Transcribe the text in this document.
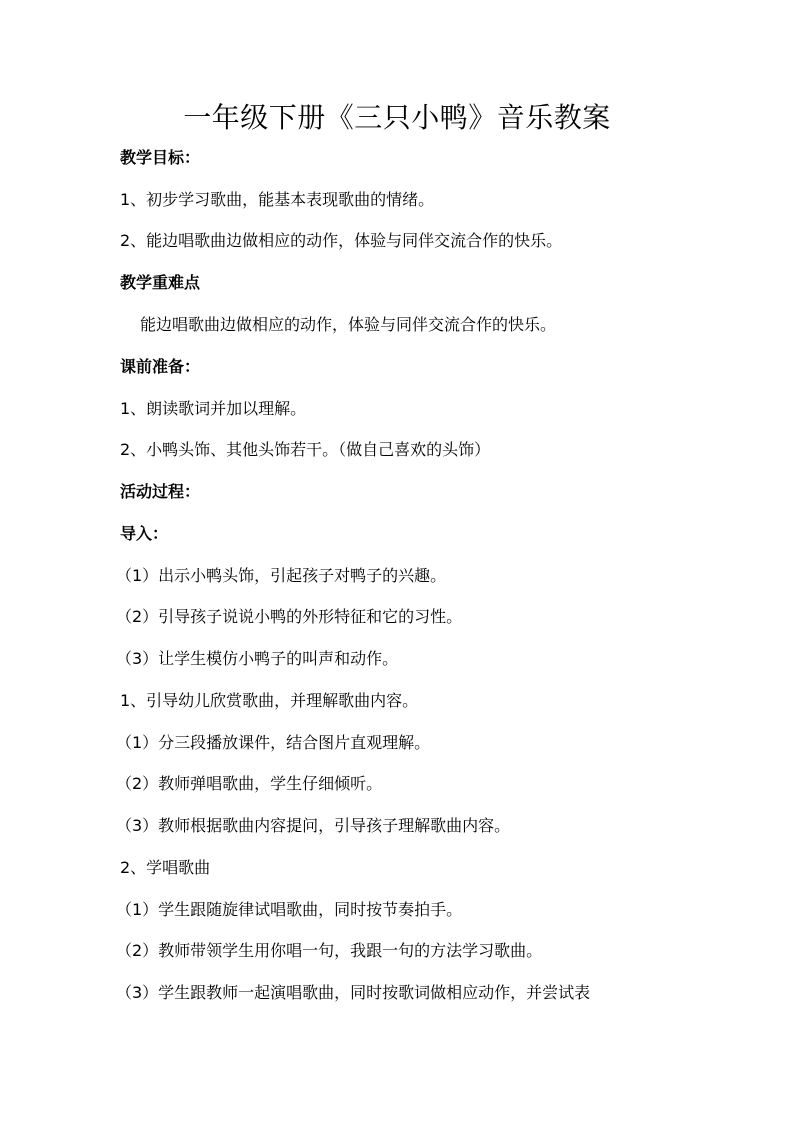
一年级下册《三只小鸭》音乐教案

教学目标：

1、初步学习歌曲，能基本表现歌曲的情绪。

2、能边唱歌曲边做相应的动作，体验与同伴交流合作的快乐。

教学重难点

能边唱歌曲边做相应的动作，体验与同伴交流合作的快乐。

课前准备：

1、朗读歌词并加以理解。

2、小鸭头饰、其他头饰若干。（做自己喜欢的头饰）

活动过程：

导入：

（1）出示小鸭头饰，引起孩子对鸭子的兴趣。

（2）引导孩子说说小鸭的外形特征和它的习性。

（3）让学生模仿小鸭子的叫声和动作。

1、引导幼儿欣赏歌曲，并理解歌曲内容。

（1）分三段播放课件，结合图片直观理解。

（2）教师弹唱歌曲，学生仔细倾听。

（3）教师根据歌曲内容提问，引导孩子理解歌曲内容。

2、学唱歌曲

（1）学生跟随旋律试唱歌曲，同时按节奏拍手。

（2）教师带领学生用你唱一句，我跟一句的方法学习歌曲。

（3）学生跟教师一起演唱歌曲，同时按歌词做相应动作，并尝试表
